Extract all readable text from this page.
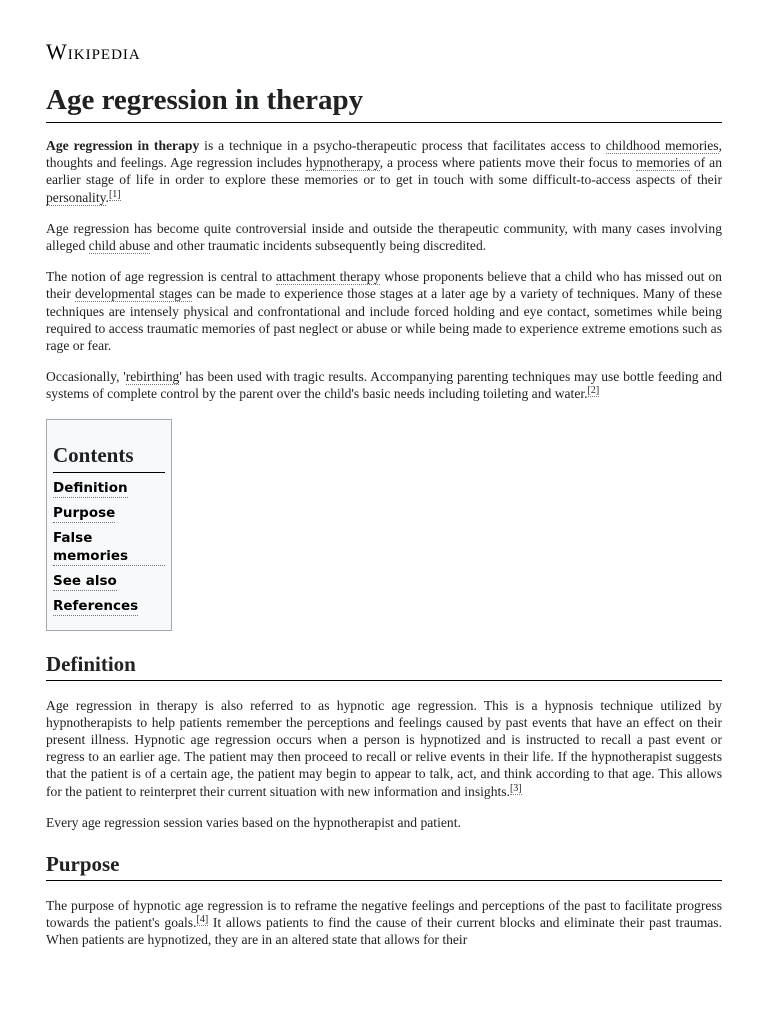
Wikipedia
Age regression in therapy

Age regression in therapy is a technique in a psycho-therapeutic process that facilitates access to childhood memories, thoughts and feelings. Age regression includes hypnotherapy, a process where patients move their focus to memories of an earlier stage of life in order to explore these memories or to get in touch with some difficult-to-access aspects of their personality.[1]

Age regression has become quite controversial inside and outside the therapeutic community, with many cases involving alleged child abuse and other traumatic incidents subsequently being discredited.

The notion of age regression is central to attachment therapy whose proponents believe that a child who has missed out on their developmental stages can be made to experience those stages at a later age by a variety of techniques. Many of these techniques are intensely physical and confrontational and include forced holding and eye contact, sometimes while being required to access traumatic memories of past neglect or abuse or while being made to experience extreme emotions such as rage or fear.

Occasionally, 'rebirthing' has been used with tragic results. Accompanying parenting techniques may use bottle feeding and systems of complete control by the parent over the child's basic needs including toileting and water.[2]

Contents
Definition
Purpose
False memories
See also
References
Definition

Age regression in therapy is also referred to as hypnotic age regression. This is a hypnosis technique utilized by hypnotherapists to help patients remember the perceptions and feelings caused by past events that have an effect on their present illness. Hypnotic age regression occurs when a person is hypnotized and is instructed to recall a past event or regress to an earlier age. The patient may then proceed to recall or relive events in their life. If the hypnotherapist suggests that the patient is of a certain age, the patient may begin to appear to talk, act, and think according to that age. This allows for the patient to reinterpret their current situation with new information and insights.[3]

Every age regression session varies based on the hypnotherapist and patient.

Purpose

The purpose of hypnotic age regression is to reframe the negative feelings and perceptions of the past to facilitate progress towards the patient's goals.[4] It allows patients to find the cause of their current blocks and eliminate their past traumas. When patients are hypnotized, they are in an altered state that allows for their
